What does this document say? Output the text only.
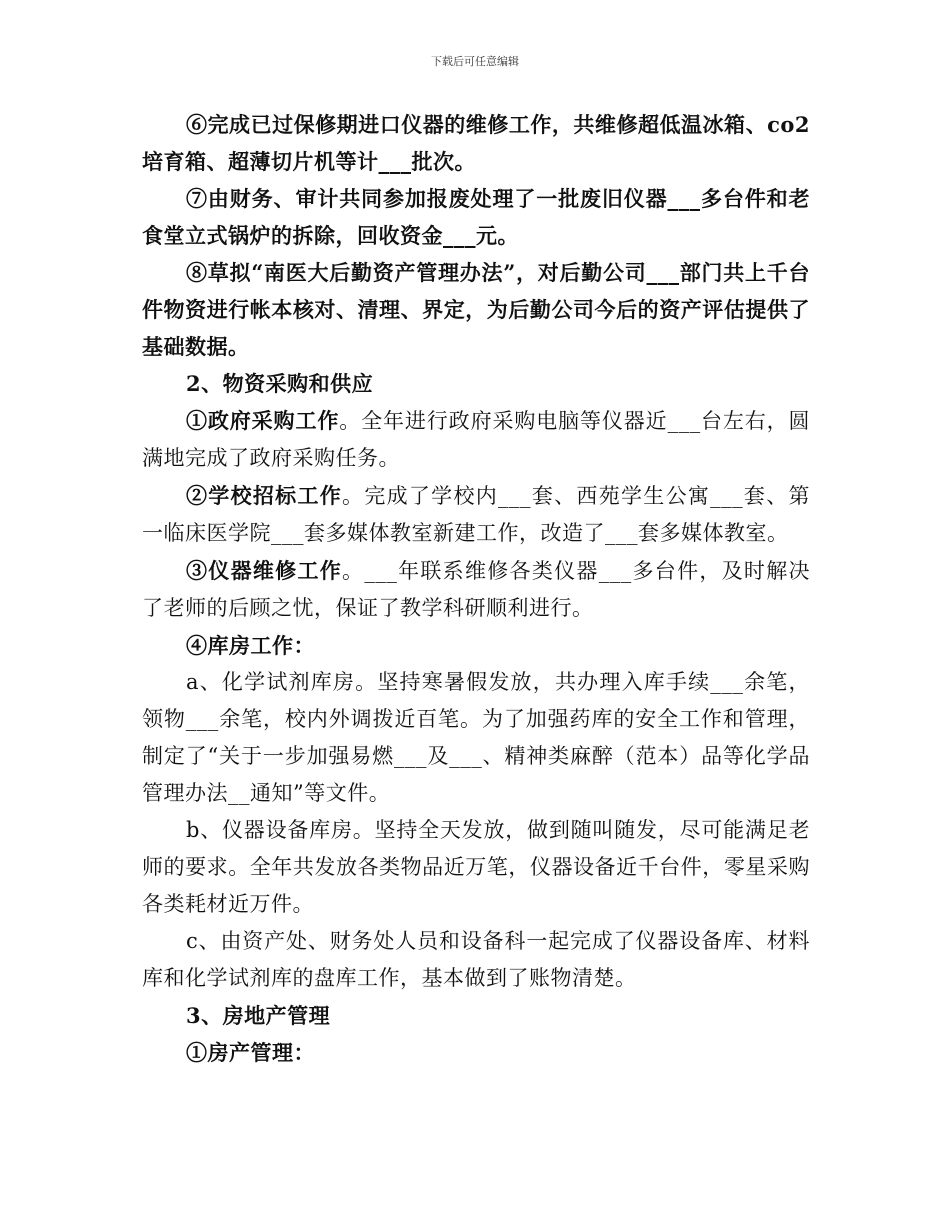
下载后可任意编辑

⑥完成已过保修期进口仪器的维修工作，共维修超低温冰箱、co2培育箱、超薄切片机等计___批次。

⑦由财务、审计共同参加报废处理了一批废旧仪器___多台件和老食堂立式锅炉的拆除，回收资金___元。

⑧草拟“南医大后勤资产管理办法”，对后勤公司___部门共上千台件物资进行帐本核对、清理、界定，为后勤公司今后的资产评估提供了基础数据。

2、物资采购和供应

①政府采购工作。全年进行政府采购电脑等仪器近___台左右，圆满地完成了政府采购任务。

②学校招标工作。完成了学校内___套、西苑学生公寓___套、第一临床医学院___套多媒体教室新建工作，改造了___套多媒体教室。

③仪器维修工作。___年联系维修各类仪器___多台件，及时解决了老师的后顾之忧，保证了教学科研顺利进行。

④库房工作：

a、化学试剂库房。坚持寒暑假发放，共办理入库手续___余笔，领物___余笔，校内外调拨近百笔。为了加强药库的安全工作和管理，制定了“关于一步加强易燃___及___、精神类麻醉（范本）品等化学品管理办法__通知”等文件。

b、仪器设备库房。坚持全天发放，做到随叫随发，尽可能满足老师的要求。全年共发放各类物品近万笔，仪器设备近千台件，零星采购各类耗材近万件。

c、由资产处、财务处人员和设备科一起完成了仪器设备库、材料库和化学试剂库的盘库工作，基本做到了账物清楚。

3、房地产管理

①房产管理：
